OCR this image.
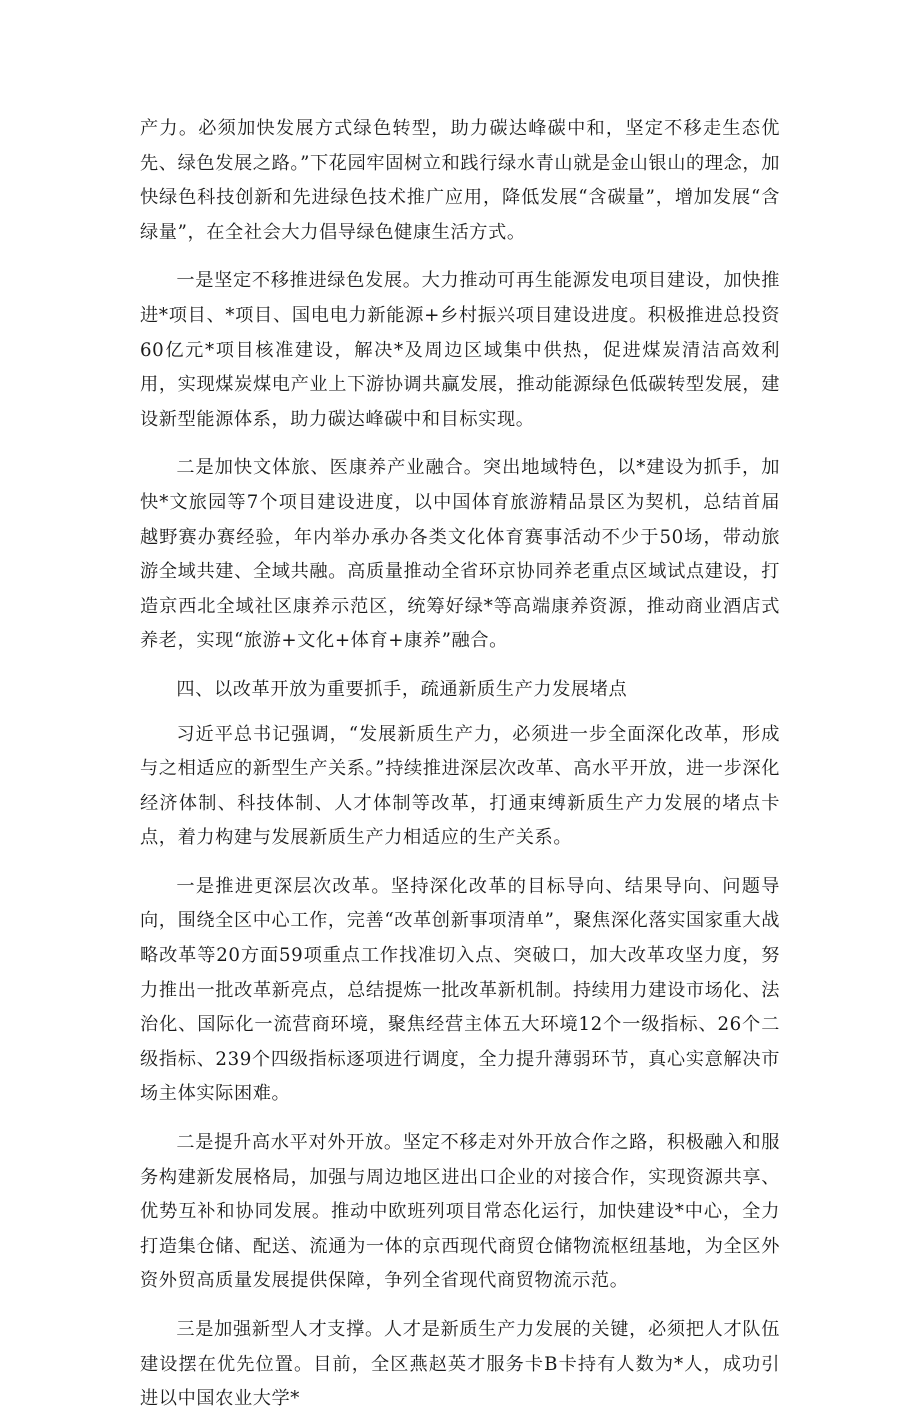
产力。必须加快发展方式绿色转型，助力碳达峰碳中和，坚定不移走生态优先、绿色发展之路。”下花园牢固树立和践行绿水青山就是金山银山的理念，加快绿色科技创新和先进绿色技术推广应用，降低发展“含碳量”，增加发展“含绿量”，在全社会大力倡导绿色健康生活方式。

一是坚定不移推进绿色发展。大力推动可再生能源发电项目建设，加快推进*项目、*项目、国电电力新能源+乡村振兴项目建设进度。积极推进总投资60亿元*项目核准建设，解决*及周边区域集中供热，促进煤炭清洁高效利用，实现煤炭煤电产业上下游协调共赢发展，推动能源绿色低碳转型发展，建设新型能源体系，助力碳达峰碳中和目标实现。

二是加快文体旅、医康养产业融合。突出地域特色，以*建设为抓手，加快*文旅园等7个项目建设进度，以中国体育旅游精品景区为契机，总结首届越野赛办赛经验，年内举办承办各类文化体育赛事活动不少于50场，带动旅游全域共建、全域共融。高质量推动全省环京协同养老重点区域试点建设，打造京西北全域社区康养示范区，统筹好绿*等高端康养资源，推动商业酒店式养老，实现“旅游+文化+体育+康养”融合。

四、以改革开放为重要抓手，疏通新质生产力发展堵点

习近平总书记强调，“发展新质生产力，必须进一步全面深化改革，形成与之相适应的新型生产关系。”持续推进深层次改革、高水平开放，进一步深化经济体制、科技体制、人才体制等改革，打通束缚新质生产力发展的堵点卡点，着力构建与发展新质生产力相适应的生产关系。

一是推进更深层次改革。坚持深化改革的目标导向、结果导向、问题导向，围绕全区中心工作，完善“改革创新事项清单”，聚焦深化落实国家重大战略改革等20方面59项重点工作找准切入点、突破口，加大改革攻坚力度，努力推出一批改革新亮点，总结提炼一批改革新机制。持续用力建设市场化、法治化、国际化一流营商环境，聚焦经营主体五大环境12个一级指标、26个二级指标、239个四级指标逐项进行调度，全力提升薄弱环节，真心实意解决市场主体实际困难。

二是提升高水平对外开放。坚定不移走对外开放合作之路，积极融入和服务构建新发展格局，加强与周边地区进出口企业的对接合作，实现资源共享、优势互补和协同发展。推动中欧班列项目常态化运行，加快建设*中心，全力打造集仓储、配送、流通为一体的京西现代商贸仓储物流枢纽基地，为全区外资外贸高质量发展提供保障，争列全省现代商贸物流示范。

三是加强新型人才支撑。人才是新质生产力发展的关键，必须把人才队伍建设摆在优先位置。目前，全区燕赵英才服务卡B卡持有人数为*人，成功引进以中国农业大学*
